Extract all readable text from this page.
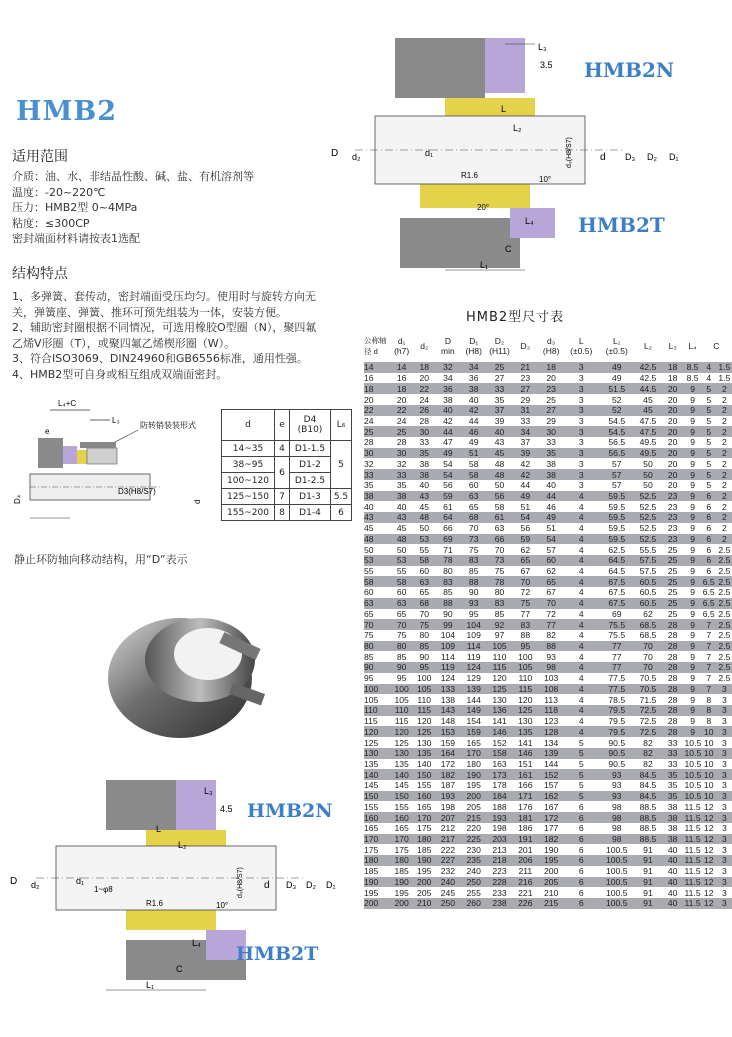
HMB2
适用范围
介质：油、水、非结晶性酸、碱、盐、有机溶剂等
温度：-20~220℃
压力：HMB2型 0~4MPa
粘度：≤300CP
密封端面材料请按表1选配
结构特点
1、多弹簧、套传动，密封端面受压均匀。使用时与旋转方向无
关，弹簧座、弹簧、推环可预先组装为一体，安装方便。
2、辅助密封圈根据不同情况，可选用橡胶O型圈（N），聚四氟
乙烯V形圈（T），或聚四氟乙烯楔形圈（W）。
3、符合ISO3069、DIN24960和GB6556标准，通用性强。
4、HMB2型可自身或相互组成双端面密封。
L₄+C
L₃
防转销装装形式
e
D3(H8/S7)
D₄	d
d	e	D4
(B10)	L₆
14~35	4	D1-1.5	5
38~95	6	D1-2	
100~120		D1-2.5	
125~150	7	D1-3	5.5
155~200	8	D1-4	6
静止环防轴向移动结构，用“D”表示
L₃
3.5
L
L₂
R1.6	10°
20°
L₄
C
L₁
D d₂	d₁	d₃(H8/S7)	d D₃ D₂ D₁
HMB2N
HMB2T
L₃
4.5
L
L₂
1~φ8
R1.6	10°
L₄
C
L₁
D d₂	d₁	d₃(H8/S7) d D₃ D₂ D₁
HMB2N
HMB2T
HMB2型尺寸表
公称轴径 d	d₁
(h7)	d₂	D
min	D₁
(H8)	D₂
(H11)	D₃	d₃
(H8)	L
(±0.5)	L₁
(±0.5)	L₂	L₃	L₄	C	
14	14	18	32	34	25	21	18	3	49	42.5	18	8.5	4	1.5
16	16	20	34	36	27	23	20	3	49	42.5	18	8.5	4	1.5
18	18	22	36	38	33	27	23	3	51.5	44.5	20	9	5	2
20	20	24	38	40	35	29	25	3	52	45	20	9	5	2
22	22	26	40	42	37	31	27	3	52	45	20	9	5	2
24	24	28	42	44	39	33	29	3	54.5	47.5	20	9	5	2
25	25	30	44	46	40	34	30	3	54.5	47.5	20	9	5	2
28	28	33	47	49	43	37	33	3	56.5	49.5	20	9	5	2
30	30	35	49	51	45	39	35	3	56.5	49.5	20	9	5	2
32	32	38	54	58	48	42	38	3	57	50	20	9	5	2
33	33	38	54	58	48	42	38	3	57	50	20	9	5	2
35	35	40	56	60	50	44	40	3	57	50	20	9	5	2
38	38	43	59	63	56	49	44	4	59.5	52.5	23	9	6	2
40	40	45	61	65	58	51	46	4	59.5	52.5	23	9	6	2
43	43	48	64	68	61	54	49	4	59.5	52.5	23	9	6	2
45	45	50	66	70	63	56	51	4	59.5	52.5	23	9	6	2
48	48	53	69	73	66	59	54	4	59.5	52.5	23	9	6	2
50	50	55	71	75	70	62	57	4	62.5	55.5	25	9	6	2.5
53	53	58	78	83	73	65	60	4	64.5	57.5	25	9	6	2.5
55	55	60	80	85	75	67	62	4	64.5	57.5	25	9	6	2.5
58	58	63	83	88	78	70	65	4	67.5	60.5	25	9	6.5	2.5
60	60	65	85	90	80	72	67	4	67.5	60.5	25	9	6.5	2.5
63	63	68	88	93	83	75	70	4	67.5	60.5	25	9	6.5	2.5
65	65	70	90	95	85	77	72	4	69	62	25	9	6.5	2.5
70	70	75	99	104	92	83	77	4	75.5	68.5	28	9	7	2.5
75	75	80	104	109	97	88	82	4	75.5	68.5	28	9	7	2.5
80	80	85	109	114	105	95	88	4	77	70	28	9	7	2.5
85	85	90	114	119	110	100	93	4	77	70	28	9	7	2.5
90	90	95	119	124	115	105	98	4	77	70	28	9	7	2.5
95	95	100	124	129	120	110	103	4	77.5	70.5	28	9	7	2.5
100	100	105	133	139	125	115	108	4	77.5	70.5	28	9	7	3
105	105	110	138	144	130	120	113	4	78.5	71.5	28	9	8	3
110	110	115	143	149	136	125	118	4	79.5	72.5	28	9	8	3
115	115	120	148	154	141	130	123	4	79.5	72.5	28	9	8	3
120	120	125	153	159	146	135	128	4	79.5	72.5	28	9	10	3
125	125	130	159	165	152	141	134	5	90.5	82	33	10.5	10	3
130	130	135	164	170	158	146	139	5	90.5	82	33	10.5	10	3
135	135	140	172	180	163	151	144	5	90.5	82	33	10.5	10	3
140	140	150	182	190	173	161	152	5	93	84.5	35	10.5	10	3
145	145	155	187	195	178	166	157	5	93	84.5	35	10.5	10	3
150	150	160	193	200	184	171	162	5	93	84.5	35	10.5	10	3
155	155	165	198	205	188	176	167	6	98	88.5	38	11.5	12	3
160	160	170	207	215	193	181	172	6	98	88.5	38	11.5	12	3
165	165	175	212	220	198	186	177	6	98	88.5	38	11.5	12	3
170	170	180	217	225	203	191	182	6	98	88.5	38	11.5	12	3
175	175	185	222	230	213	201	190	6	100.5	91	40	11.5	12	3
180	180	190	227	235	218	206	195	6	100.5	91	40	11.5	12	3
185	185	195	232	240	223	211	200	6	100.5	91	40	11.5	12	3
190	190	200	240	250	228	216	205	6	100.5	91	40	11.5	12	3
195	195	205	245	255	233	221	210	6	100.5	91	40	11.5	12	3
200	200	210	250	260	238	226	215	6	100.5	91	40	11.5	12	3
